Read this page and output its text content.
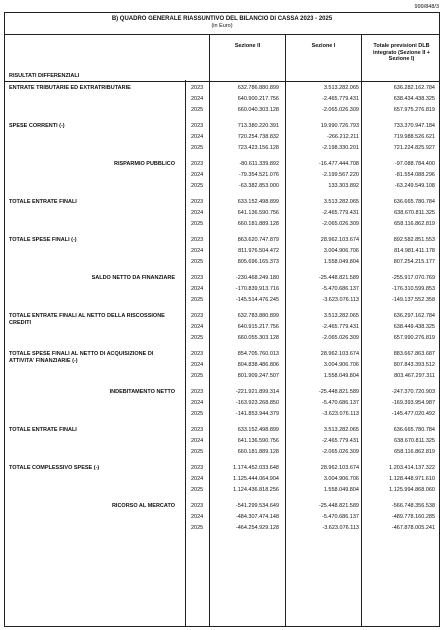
999/848/3
B) QUADRO GENERALE RIASSUNTIVO DEL BILANCIO DI CASSA 2023 - 2025
(in Euro)
RISULTATI DIFFERENZIALI
Sezione II	Sezione I	Totale previsioni DLB integrato (Sezione II + Sezione I)
ENTRATE TRIBUTARIE ED EXTRATRIBUTARIE	2023	632.786.880.899	3.513.282.065	636.282.162.784
2024	640.900.217.756	-2.465.779.431	638.434.438.325
2025	660.040.303.128	-2.065.026.309	657.975.276.819
SPESE CORRENTI (-)	2023	713.380.220.391	19.990.726.793	733.370.947.184
2024	720.254.738.832	-266.212.211	719.988.526.621
2025	723.423.156.128	-2.198.330.201	721.224.825.927
RISPARMIO PUBBLICO	2023	-80.611.339.892	-16.477.444.708	-97.088.784.400
2024	-79.354.521.076	-2.199.567.220	-81.554.088.296
2025	-63.382.853.000	133.303.892	-63.249.549.108
TOTALE ENTRATE FINALI	2023	633.152.498.899	3.513.282.065	636.665.780.784
2024	641.136.590.756	-2.465.779.431	638.670.811.325
2025	660.181.889.128	-2.065.026.309	658.116.862.819
TOTALE SPESE FINALI (-)	2023	863.620.747.879	28.962.103.674	892.582.851.553
2024	811.976.504.472	3.004.906.706	814.981.411.178
2025	805.696.165.373	1.558.049.804	807.254.215.177
SALDO NETTO DA FINANZIARE	2023	-230.468.249.180	-25.448.821.589	-255.917.070.769
2024	-170.839.913.716	-5.470.686.137	-176.310.599.853
2025	-145.514.476.245	-3.623.076.113	-149.137.552.358
TOTALE ENTRATE FINALI AL NETTO DELLA RISCOSSIONE CREDITI
2023	632.783.880.899	3.513.282.065	636.297.162.784
2024	640.915.217.756	-2.465.779.431	638.449.438.325
2025	660.055.303.128	-2.065.026.309	657.990.276.819
TOTALE SPESE FINALI AL NETTO DI ACQUISIZIONE DI ATTIVITA' FINANZIARIE (-)
2023	854.705.760.013	28.962.103.674	883.667.863.687
2024	804.838.486.806	3.004.906.706	807.843.393.512
2025	801.909.247.507	1.558.049.804	803.467.297.311
INDEBITAMENTO NETTO	2023	-221.921.899.314	-25.448.821.589	-247.370.720.903
2024	-163.923.268.850	-5.470.686.137	-169.393.954.987
2025	-141.853.944.379	-3.623.076.113	-145.477.020.492
TOTALE ENTRATE FINALI	2023	633.152.498.899	3.513.282.065	636.665.780.784
2024	641.136.590.756	-2.465.779.431	638.670.811.325
2025	660.181.889.128	-2.065.026.309	658.116.862.819
TOTALE COMPLESSIVO SPESE (-)	2023	1.174.452.033.648	28.962.103.674	1.203.414.137.322
2024	1.125.444.064.904	3.004.906.706	1.128.448.971.610
2025	1.124.436.818.256	1.558.049.804	1.125.994.868.060
RICORSO AL MERCATO	2023	-541.299.534.649	-25.448.821.589	-566.748.356.538
2024	-484.307.474.148	-5.470.686.137	-489.778.160.285
2025	-464.254.929.128	-3.623.076.113	-467.878.005.241
